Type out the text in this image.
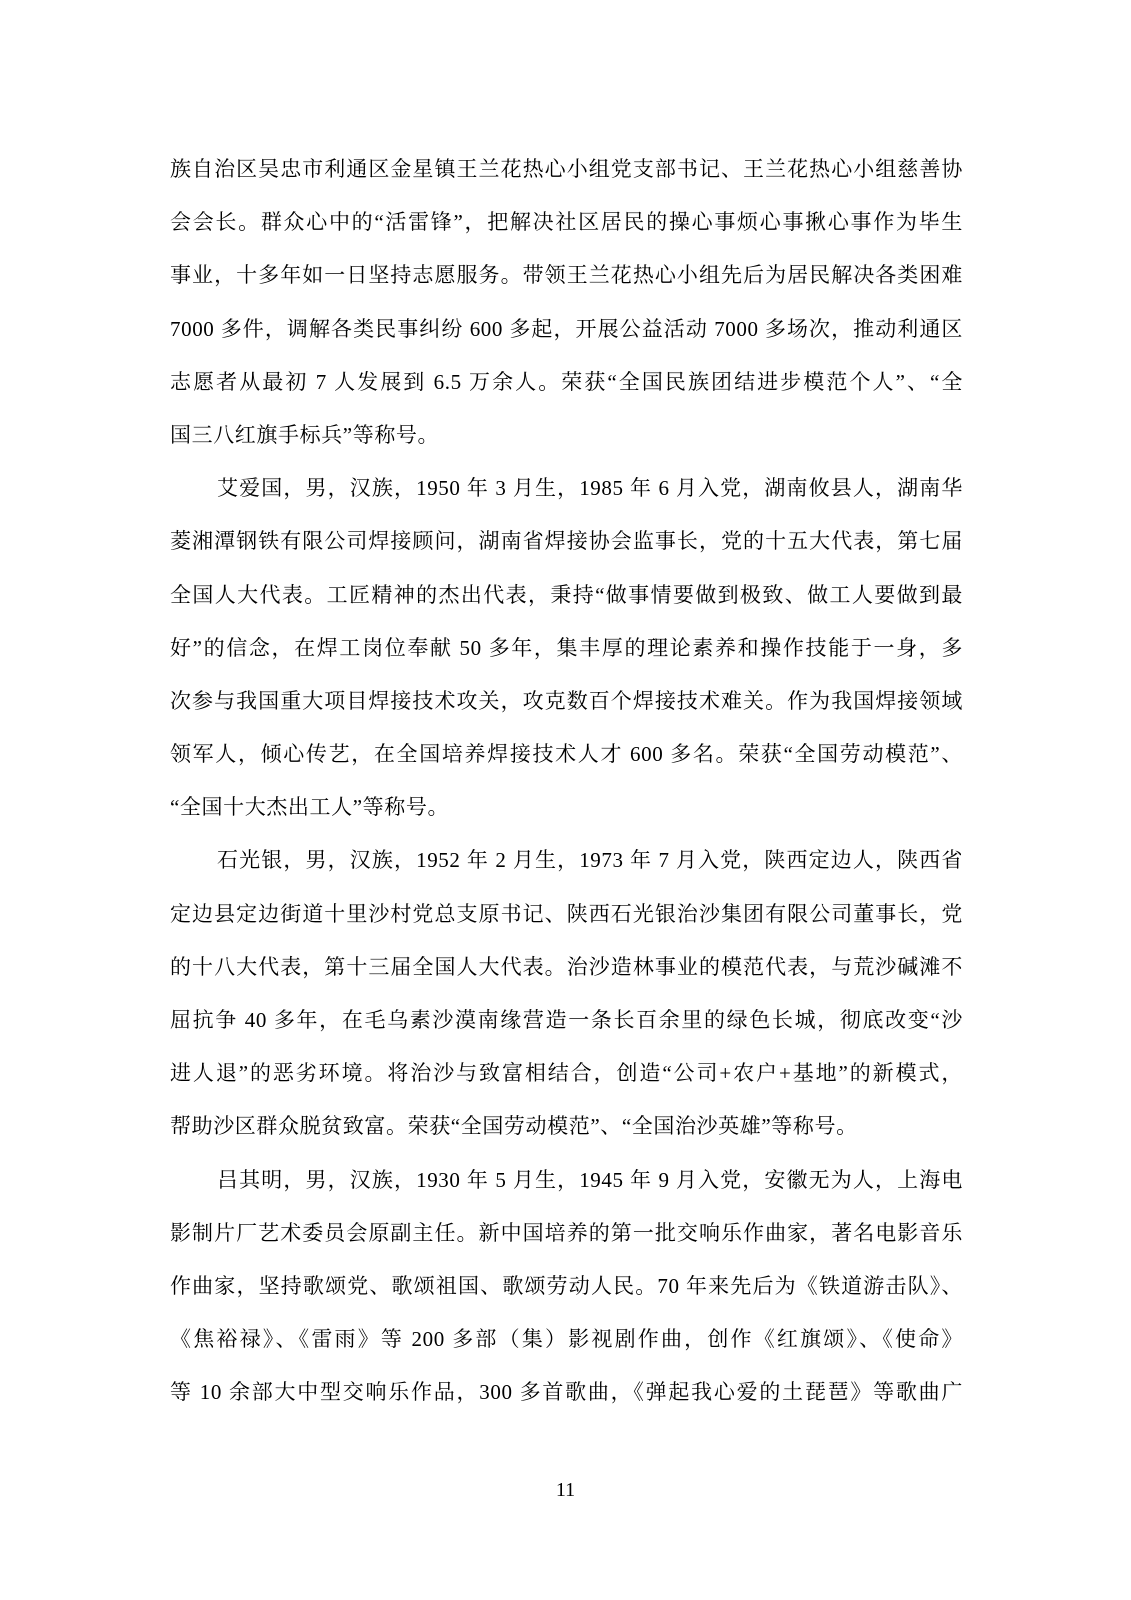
族自治区吴忠市利通区金星镇王兰花热心小组党支部书记、王兰花热心小组慈善协
会会长。群众心中的“活雷锋”，把解决社区居民的操心事烦心事揪心事作为毕生
事业，十多年如一日坚持志愿服务。带领王兰花热心小组先后为居民解决各类困难
7000 多件，调解各类民事纠纷 600 多起，开展公益活动 7000 多场次，推动利通区
志愿者从最初 7 人发展到 6.5 万余人。荣获“全国民族团结进步模范个人”、“全
国三八红旗手标兵”等称号。
艾爱国，男，汉族，1950 年 3 月生，1985 年 6 月入党，湖南攸县人，湖南华
菱湘潭钢铁有限公司焊接顾问，湖南省焊接协会监事长，党的十五大代表，第七届
全国人大代表。工匠精神的杰出代表，秉持“做事情要做到极致、做工人要做到最
好”的信念，在焊工岗位奉献 50 多年，集丰厚的理论素养和操作技能于一身，多
次参与我国重大项目焊接技术攻关，攻克数百个焊接技术难关。作为我国焊接领域
领军人，倾心传艺，在全国培养焊接技术人才 600 多名。荣获“全国劳动模范”、
“全国十大杰出工人”等称号。
石光银，男，汉族，1952 年 2 月生，1973 年 7 月入党，陕西定边人，陕西省
定边县定边街道十里沙村党总支原书记、陕西石光银治沙集团有限公司董事长，党
的十八大代表，第十三届全国人大代表。治沙造林事业的模范代表，与荒沙碱滩不
屈抗争 40 多年，在毛乌素沙漠南缘营造一条长百余里的绿色长城，彻底改变“沙
进人退”的恶劣环境。将治沙与致富相结合，创造“公司+农户+基地”的新模式，
帮助沙区群众脱贫致富。荣获“全国劳动模范”、“全国治沙英雄”等称号。
吕其明，男，汉族，1930 年 5 月生，1945 年 9 月入党，安徽无为人，上海电
影制片厂艺术委员会原副主任。新中国培养的第一批交响乐作曲家，著名电影音乐
作曲家，坚持歌颂党、歌颂祖国、歌颂劳动人民。70 年来先后为《铁道游击队》、
《焦裕禄》、《雷雨》等 200 多部（集）影视剧作曲，创作《红旗颂》、《使命》
等 10 余部大中型交响乐作品，300 多首歌曲，《弹起我心爱的土琵琶》等歌曲广
11
